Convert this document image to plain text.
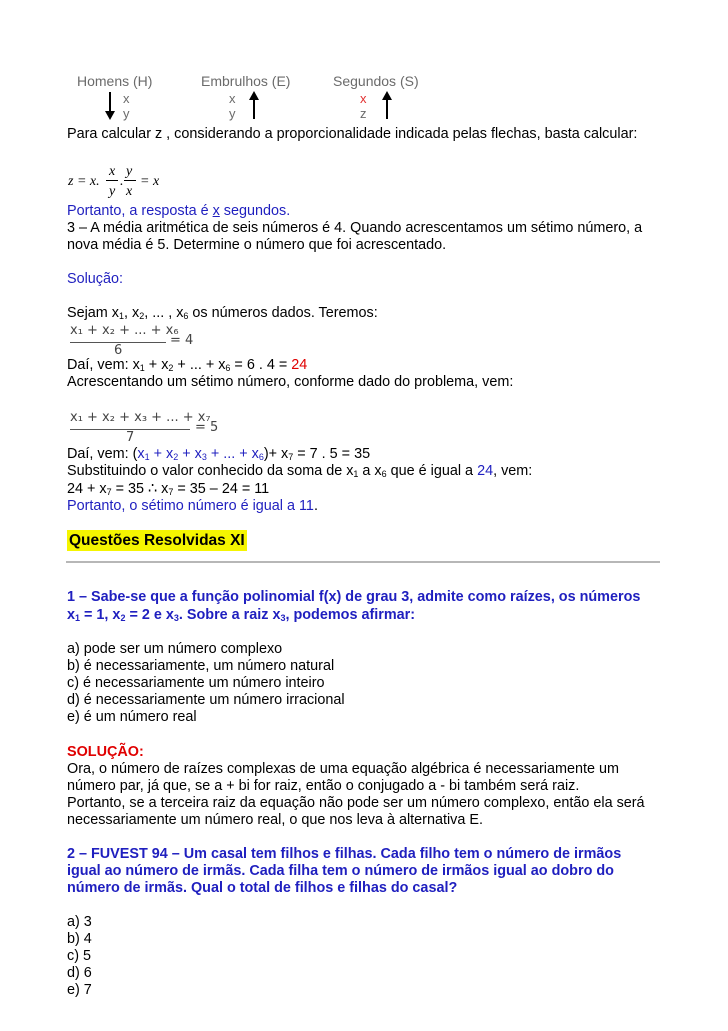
Homens (H)
x
y
Embrulhos (E)
x
y
Segundos (S)
x
z
Para calcular z , considerando a proporcionalidade indicada pelas flechas, basta calcular:
z = x.
x
y
.
y
x
= x
Portanto, a resposta é x segundos.
3 – A média aritmética de seis números é 4. Quando acrescentamos um sétimo número, a
nova média é 5. Determine o número que foi acrescentado.
Solução:
Sejam $x_1$, $x_2$, ... , $x_6$ os números dados. Teremos:
x₁ + x₂ + ... + x₆
6
= 4
Daí, vem: $x_1 + x_2$ + ... + $x_6 = 6$ . 4 = 24
Acrescentando um sétimo número, conforme dado do problema, vem:
x₁ + x₂ + x₃ + ... + x₇
7
= 5
Daí, vem: ($x_1 + x_2 + x_3$ + ... + $x_6)+ x_7 = 7$ . 5 = 35
Substituindo o valor conhecido da soma de $x_1$ a $x_6$ que é igual a 24, vem:
$24 + x_7 = 35$ ∴ $x_7 = 35 - 24 = 11$
Portanto, o sétimo número é igual a 11.
Questões Resolvidas XI
1 – Sabe-se que a função polinomial f(x) de grau 3, admite como raízes, os números
$x_1 = 1$, $x_2 = 2$ e $x_3$. Sobre a raiz $x_3$, podemos afirmar:
a) pode ser um número complexo
b) é necessariamente, um número natural
c) é necessariamente um número inteiro
d) é necessariamente um número irracional
e) é um número real
SOLUÇÃO:
Ora, o número de raízes complexas de uma equação algébrica é necessariamente um
número par, já que, se a + bi for raiz, então o conjugado a - bi também será raiz.
Portanto, se a terceira raiz da equação não pode ser um número complexo, então ela será
necessariamente um número real, o que nos leva à alternativa E.
2 – FUVEST 94 – Um casal tem filhos e filhas. Cada filho tem o número de irmãos
igual ao número de irmãs. Cada filha tem o número de irmãos igual ao dobro do
número de irmãs. Qual o total de filhos e filhas do casal?
a) 3
b) 4
c) 5
d) 6
e) 7
